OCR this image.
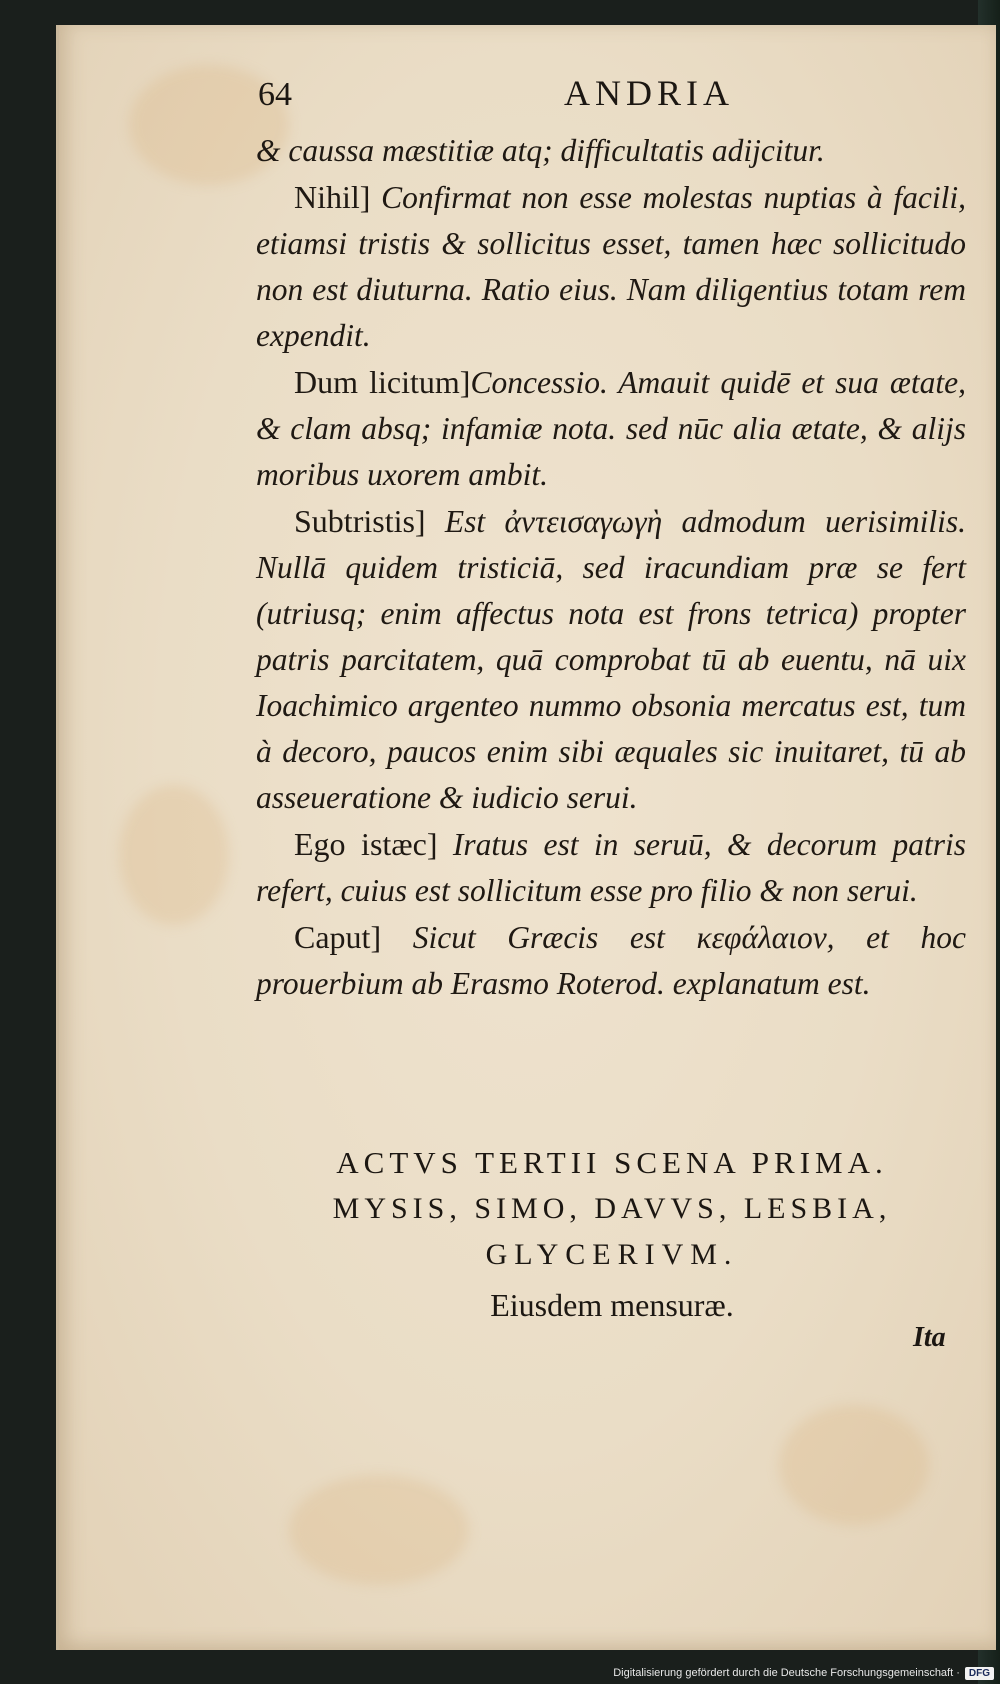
64	ANDRIA

& caussa mæstitiæ atq; difficultatis adijcitur.

Nihil] Confirmat non esse molestas nuptias à facili, etiamsi tristis & sollicitus esset, tamen hæc sollicitudo non est diuturna. Ratio eius. Nam diligentius totam rem expendit.

Dum licitum]Concessio. Amauit quidē et sua ætate, & clam absq; infamiæ nota. sed nūc alia ætate, & alijs moribus uxorem ambit.

Subtristis] Est ἀντεισαγωγὴ admodum uerisimilis. Nullā quidem tristiciā, sed iracundiam præ se fert (utriusq; enim affectus nota est frons tetrica) propter patris parcitatem, quā comprobat tū ab euentu, nā uix Ioachimico argenteo nummo obsonia mercatus est, tum à decoro, paucos enim sibi æquales sic inuitaret, tū ab asseueratione & iudicio serui.

Ego istæc] Iratus est in seruū, & decorum patris refert, cuius est sollicitum esse pro filio & non serui.

Caput] Sicut Græcis est κεφάλαιον, et hoc prouerbium ab Erasmo Roterod. explanatum est.

ACTVS TERTII SCENA PRIMA.
MYSIS, SIMO, DAVVS, LESBIA,
GLYCERIVM.
Eiusdem mensuræ.
Ita
Digitalisierung gefördert durch die Deutsche Forschungsgemeinschaft · DFG
